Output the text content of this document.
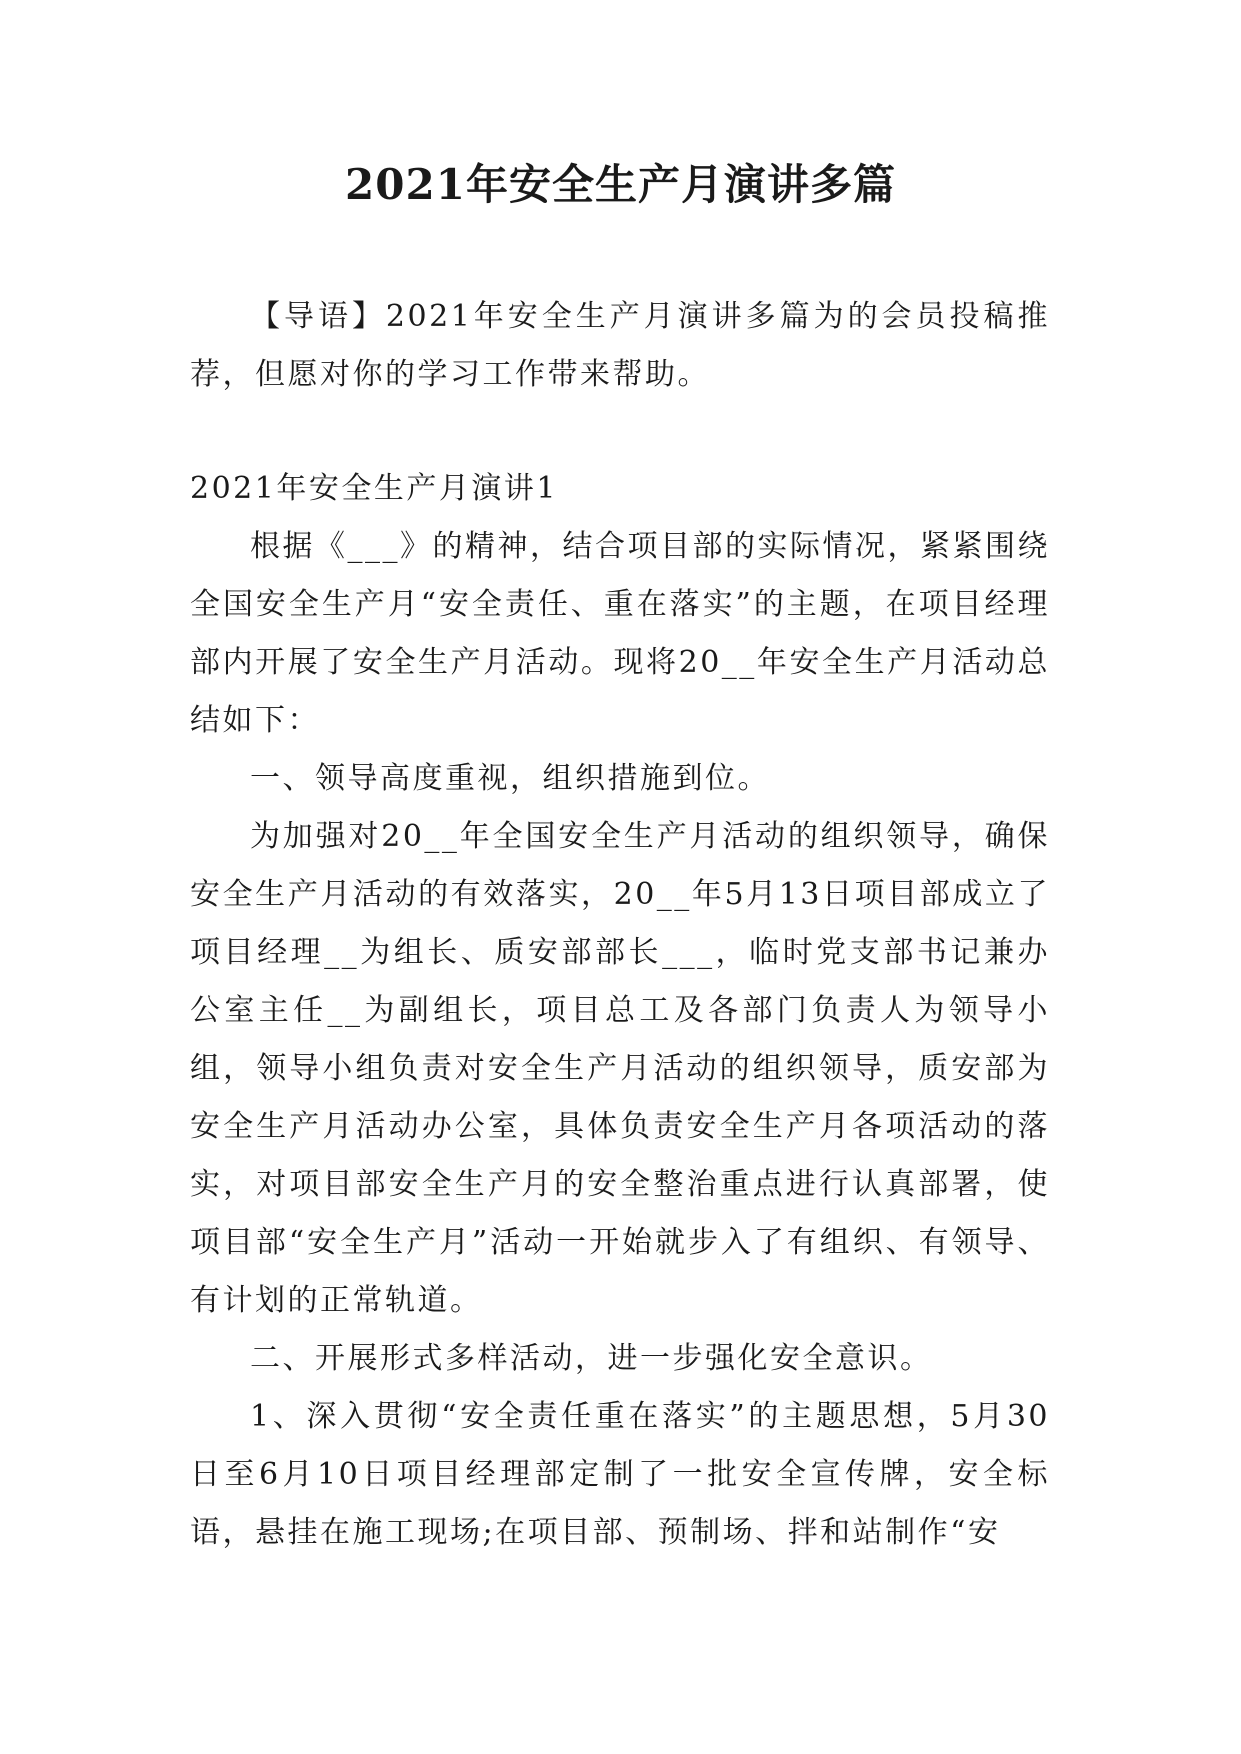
2021年安全生产月演讲多篇

【导语】2021年安全生产月演讲多篇为的会员投稿推荐，但愿对你的学习工作带来帮助。

2021年安全生产月演讲1

根据《___》的精神，结合项目部的实际情况，紧紧围绕全国安全生产月“安全责任、重在落实”的主题，在项目经理部内开展了安全生产月活动。现将20__年安全生产月活动总结如下：

一、领导高度重视，组织措施到位。

为加强对20__年全国安全生产月活动的组织领导，确保安全生产月活动的有效落实，20__年5月13日项目部成立了项目经理__为组长、质安部部长___，临时党支部书记兼办公室主任__为副组长，项目总工及各部门负责人为领导小组，领导小组负责对安全生产月活动的组织领导，质安部为安全生产月活动办公室，具体负责安全生产月各项活动的落实，对项目部安全生产月的安全整治重点进行认真部署，使项目部“安全生产月”活动一开始就步入了有组织、有领导、有计划的正常轨道。

二、开展形式多样活动，进一步强化安全意识。

1、深入贯彻“安全责任重在落实”的主题思想，5月30日至6月10日项目经理部定制了一批安全宣传牌，安全标语，悬挂在施工现场;在项目部、预制场、拌和站制作“安
